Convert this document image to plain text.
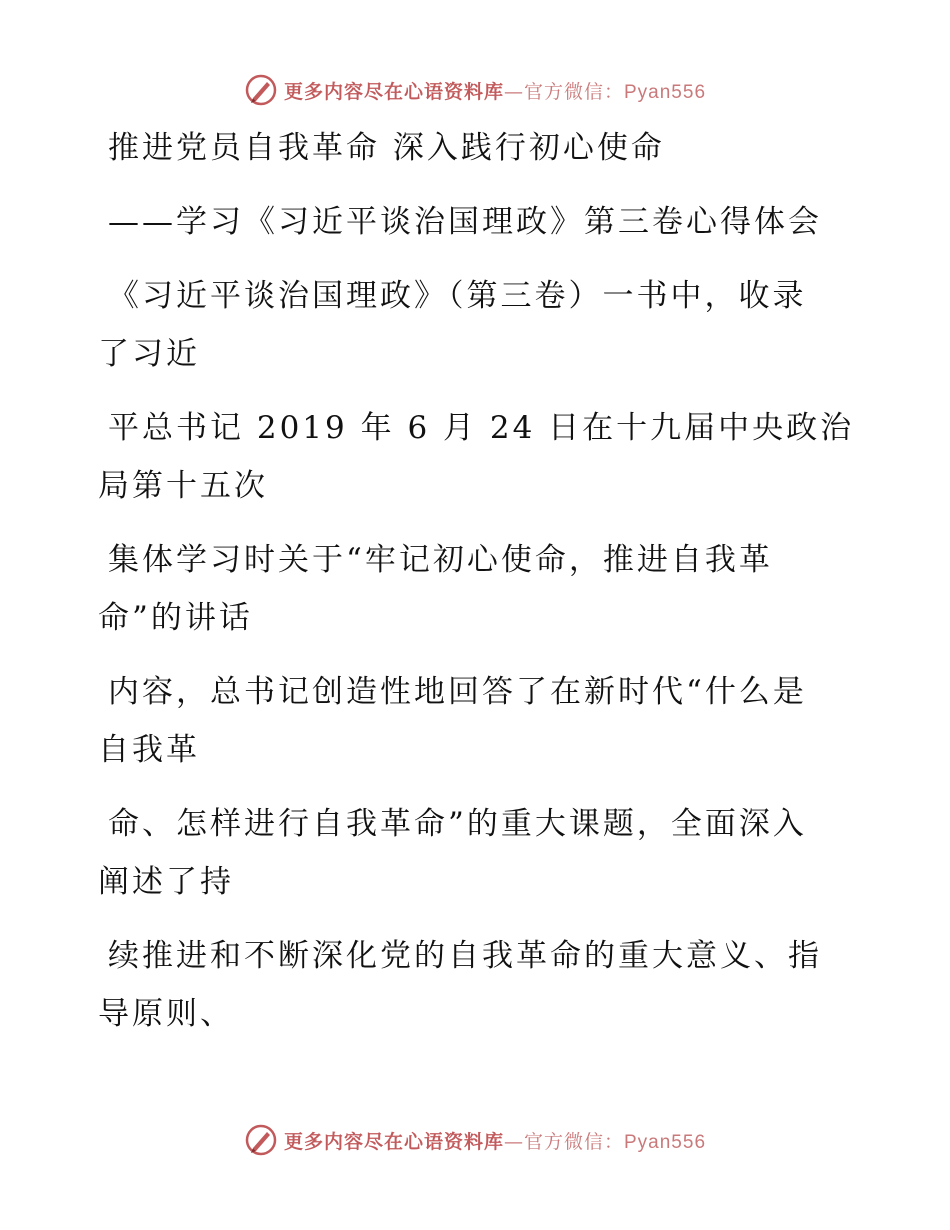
更多内容尽在心语资料库—官方微信：Pyan556
推进党员自我革命 深入践行初心使命
——学习《习近平谈治国理政》第三卷心得体会
《习近平谈治国理政》（第三卷）一书中，收录
了习近
平总书记 2019 年 6 月 24 日在十九届中央政治
局第十五次
集体学习时关于“牢记初心使命，推进自我革
命”的讲话
内容，总书记创造性地回答了在新时代“什么是
自我革
命、怎样进行自我革命”的重大课题，全面深入
阐述了持
续推进和不断深化党的自我革命的重大意义、指
导原则、
更多内容尽在心语资料库—官方微信：Pyan556
